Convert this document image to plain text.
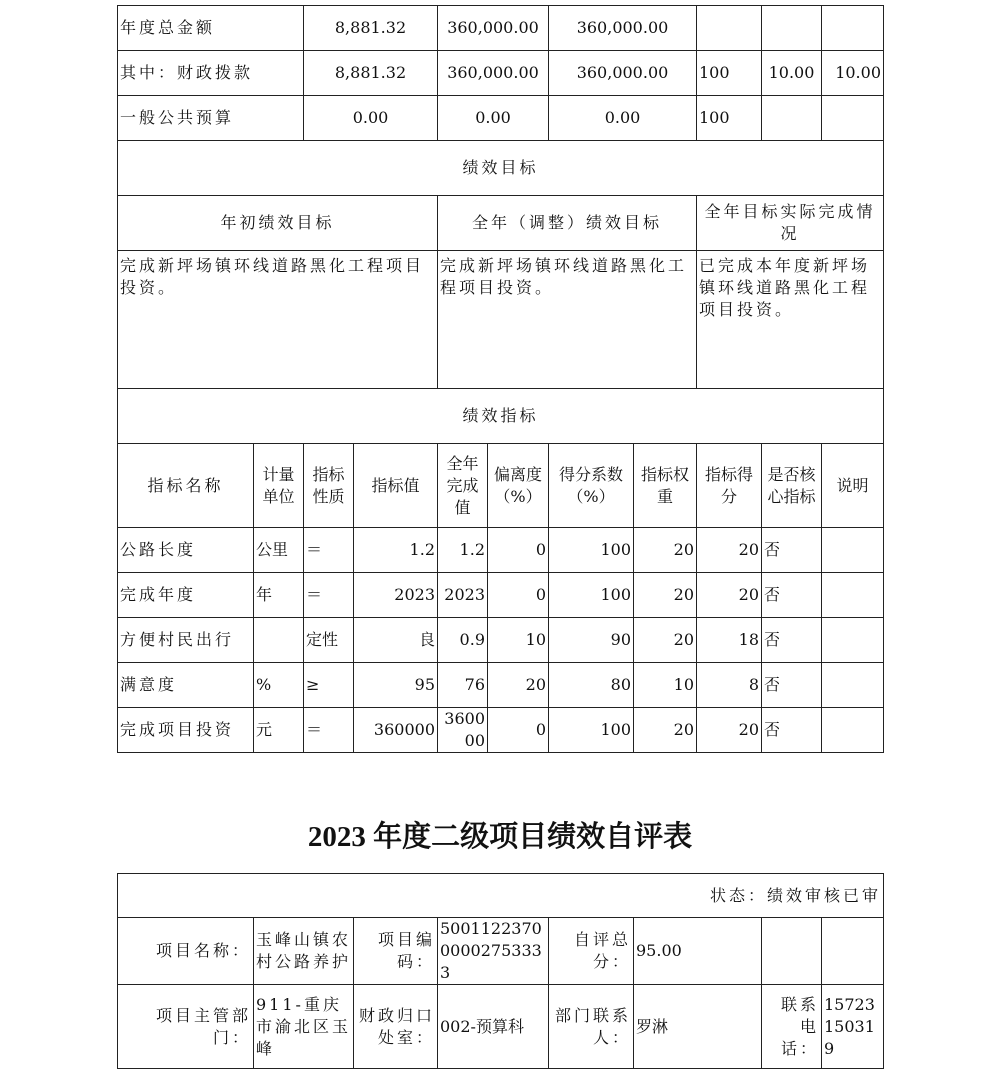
年度总金额	8,881.32	360,000.00	360,000.00			
其中：财政拨款	8,881.32	360,000.00	360,000.00	100	10.00	10.00
一般公共预算	0.00	0.00	0.00	100		
绩效目标						
年初绩效目标		全年（调整）绩效目标		全年目标实际完成情况		
完成新坪场镇环线道路黑化工程项目投资。		完成新坪场镇环线道路黑化工程项目投资。		已完成本年度新坪场镇环线道路黑化工程项目投资。		
绩效指标						
指标名称	计量单位	指标性质	指标值	全年完成值	偏离度（%）	得分系数（%）	指标权重	指标得分	是否核心指标	说明
公路长度	公里	＝	1.2	1.2	0	100	20	20	否	
完成年度	年	＝	2023	2023	0	100	20	20	否	
方便村民出行		定性	良	0.9	10	90	20	18	否	
满意度	%	≥	95	76	20	80	10	8	否	
完成项目投资	元	＝	360000	360000	0	100	20	20	否	
2023 年度二级项目绩效自评表
状态：绩效审核已审							
项目名称：	玉峰山镇农村公路养护	项目编码：	500112237000002753333	自评总分：	95.00		
项目主管部门：	911-重庆市渝北区玉峰	财政归口处室：	002-预算科	部门联系人：	罗淋	联系电话：	15723150319
